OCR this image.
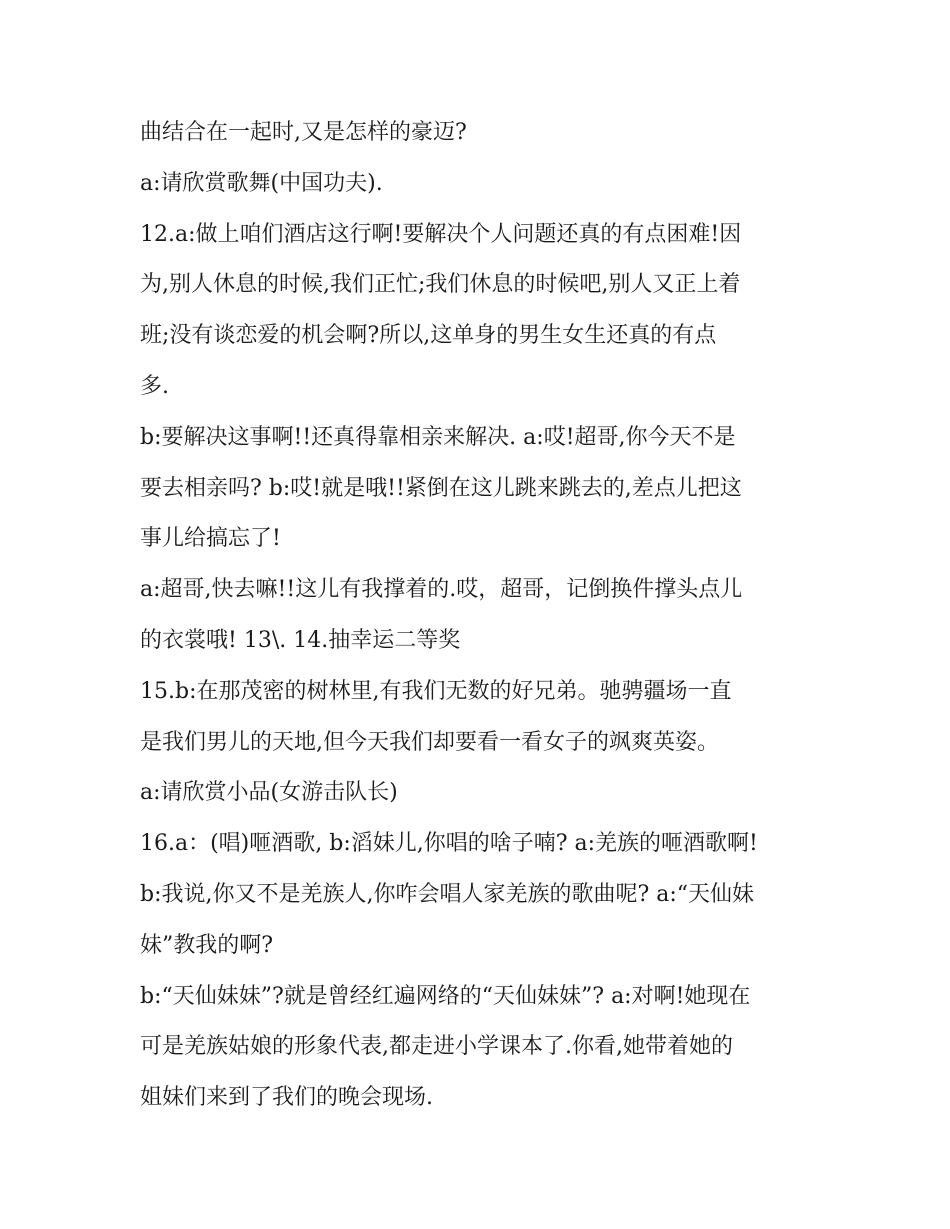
曲结合在一起时,又是怎样的豪迈?
a:请欣赏歌舞(中国功夫).
12.a:做上咱们酒店这行啊!要解决个人问题还真的有点困难!因
为,别人休息的时候,我们正忙;我们休息的时候吧,别人又正上着
班;没有谈恋爱的机会啊?所以,这单身的男生女生还真的有点
多.
b:要解决这事啊!!还真得靠相亲来解决. a:哎!超哥,你今天不是
要去相亲吗? b:哎!就是哦!!紧倒在这儿跳来跳去的,差点儿把这
事儿给搞忘了!
a:超哥,快去嘛!!这儿有我撑着的.哎，超哥，记倒换件撑头点儿
的衣裳哦! 13\. 14.抽幸运二等奖
15.b:在那茂密的树林里,有我们无数的好兄弟。驰骋疆场一直
是我们男儿的天地,但今天我们却要看一看女子的飒爽英姿。
a:请欣赏小品(女游击队长)
16.a：(唱)咂酒歌, b:滔妹儿,你唱的啥子喃? a:羌族的咂酒歌啊!
b:我说,你又不是羌族人,你咋会唱人家羌族的歌曲呢? a:“天仙妹
妹”教我的啊?
b:“天仙妹妹”?就是曾经红遍网络的“天仙妹妹”? a:对啊!她现在
可是羌族姑娘的形象代表,都走进小学课本了.你看,她带着她的
姐妹们来到了我们的晚会现场.
